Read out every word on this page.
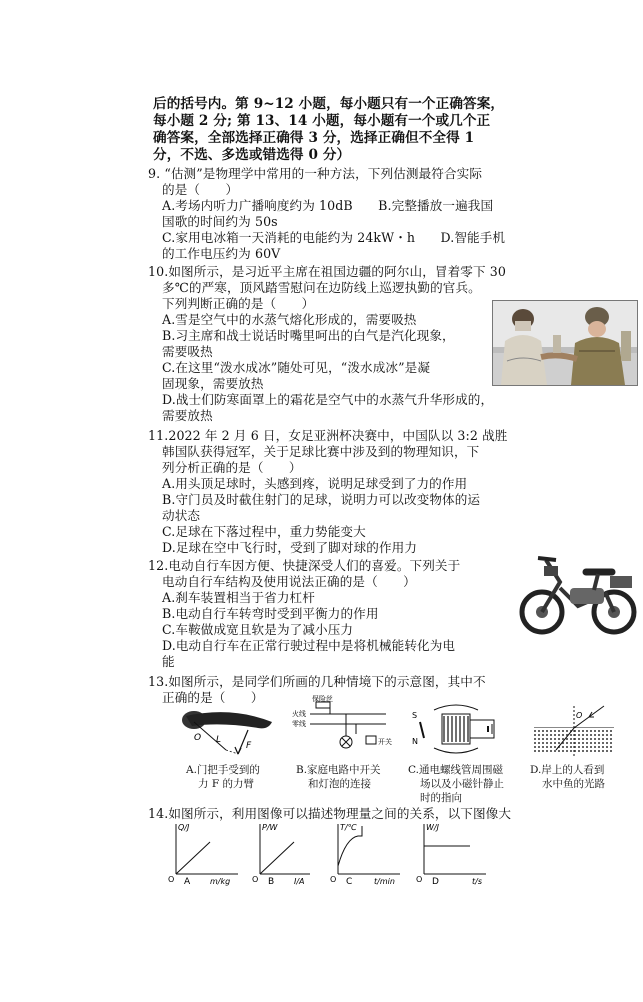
后的括号内。第 9~12 小题，每小题只有一个正确答案，
每小题 2 分; 第 13、14 小题，每小题有一个或几个正
确答案，全部选择正确得 3 分，选择正确但不全得 1
分，不选、多选或错选得 0 分）
9. “估测”是物理学中常用的一种方法，下列估测最符合实际
的是（　　）
A.考场内听力广播响度约为 10dB　　B.完整播放一遍我国
国歌的时间约为 50s
C.家用电冰箱一天消耗的电能约为 24kW・h　　D.智能手机
的工作电压约为 60V
10.如图所示，是习近平主席在祖国边疆的阿尔山，冒着零下 30
多℃的严寒，顶风踏雪慰问在边防线上巡逻执勤的官兵。
下列判断正确的是（　　）
A.雪是空气中的水蒸气熔化形成的，需要吸热
B.习主席和战士说话时嘴里呵出的白气是汽化现象，
需要吸热
C.在这里“泼水成冰”随处可见，“泼水成冰”是凝
固现象，需要放热
D.战士们防寒面罩上的霜花是空气中的水蒸气升华形成的，
需要放热
11.2022 年 2 月 6 日，女足亚洲杯决赛中，中国队以 3:2 战胜
韩国队获得冠军，关于足球比赛中涉及到的物理知识，下
列分析正确的是（　　）
A.用头顶足球时，头感到疼，说明足球受到了力的作用
B.守门员及时截住射门的足球，说明力可以改变物体的运
动状态
C.足球在下落过程中，重力势能变大
D.足球在空中飞行时，受到了脚对球的作用力
12.电动自行车因方便、快捷深受人们的喜爱。下列关于
电动自行车结构及使用说法正确的是（　　）
A.刹车装置相当于省力杠杆
B.电动自行车转弯时受到平衡力的作用
C.车鞍做成宽且软是为了减小压力
D.电动自行车在正常行驶过程中是将机械能转化为电
能
13.如图所示，是同学们所画的几种情境下的示意图，其中不
正确的是（　　）
O L
F
保险丝
火线
零线
开关
S
N
O
A.门把手受到的
力 F 的力臂
B.家庭电路中开关
和灯泡的连接
C.通电螺线管周围磁
场以及小磁针静止
时的指向
D.岸上的人看到
水中鱼的光路
14.如图所示，利用图像可以描述物理量之间的关系，以下图像大
Q/J
O A m/kg
P/W
O B I/A
T/℃
O C	t/min
W/J
O D	t/s
